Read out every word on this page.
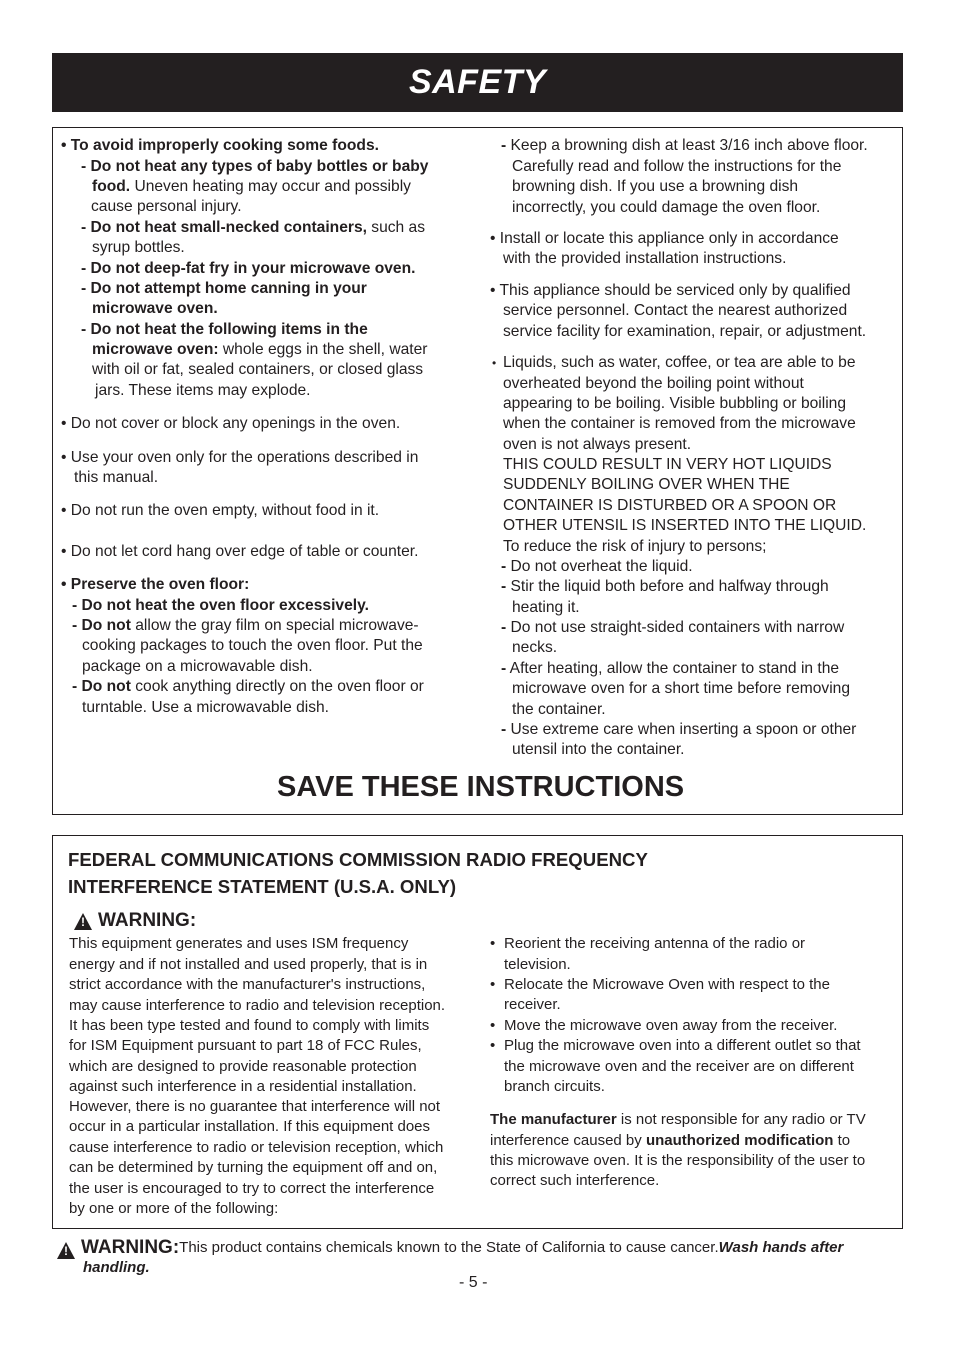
SAFETY
• To avoid improperly cooking some foods.
- Do not heat any types of baby bottles or baby
food. Uneven heating may occur and possibly
cause personal injury.
- Do not heat small-necked containers, such as
syrup bottles.
- Do not deep-fat fry in your microwave oven.
- Do not attempt home canning in your
microwave oven.
- Do not heat the following items in the
microwave oven: whole eggs in the shell, water
with oil or fat, sealed containers, or closed glass
jars. These items may explode.
• Do not cover or block any openings in the oven.
• Use your oven only for the operations described in
this manual.
• Do not run the oven empty, without food in it.
• Do not let cord hang over edge of table or counter.
• Preserve the oven floor:
- Do not heat the oven floor excessively.
- Do not allow the gray film on special microwave-
cooking packages to touch the oven floor. Put the
package on a microwavable dish.
- Do not cook anything directly on the oven floor or
turntable. Use a microwavable dish.
- Keep a browning dish at least 3/16 inch above floor.
Carefully read and follow the instructions for the
browning dish. If you use a browning dish
incorrectly, you could damage the oven floor.
• Install or locate this appliance only in accordance
with the provided installation instructions.
• This appliance should be serviced only by qualified
service personnel. Contact the nearest authorized
service facility for examination, repair, or adjustment.
• Liquids, such as water, coffee, or tea are able to be
overheated beyond the boiling point without
appearing to be boiling. Visible bubbling or boiling
when the container is removed from the microwave
oven is not always present.
THIS COULD RESULT IN VERY HOT LIQUIDS
SUDDENLY BOILING OVER WHEN THE
CONTAINER IS DISTURBED OR A SPOON OR
OTHER UTENSIL IS INSERTED INTO THE LIQUID.
To reduce the risk of injury to persons;
- Do not overheat the liquid.
- Stir the liquid both before and halfway through
heating it.
- Do not use straight-sided containers with narrow
necks.
- After heating, allow the container to stand in the
microwave oven for a short time before removing
the container.
- Use extreme care when inserting a spoon or other
utensil into the container.
SAVE THESE INSTRUCTIONS
FEDERAL COMMUNICATIONS COMMISSION RADIO FREQUENCY
INTERFERENCE STATEMENT (U.S.A. ONLY)
!
WARNING:
This equipment generates and uses ISM frequency
energy and if not installed and used properly, that is in
strict accordance with the manufacturer's instructions,
may cause interference to radio and television reception.
It has been type tested and found to comply with limits
for ISM Equipment pursuant to part 18 of FCC Rules,
which are designed to provide reasonable protection
against such interference in a residential installation.
However, there is no guarantee that interference will not
occur in a particular installation. If this equipment does
cause interference to radio or television reception, which
can be determined by turning the equipment off and on,
the user is encouraged to try to correct the interference
by one or more of the following:
• Reorient the receiving antenna of the radio or
television.
• Relocate the Microwave Oven with respect to the
receiver.
• Move the microwave oven away from the receiver.
• Plug the microwave oven into a different outlet so that
the microwave oven and the receiver are on different
branch circuits.
The manufacturer is not responsible for any radio or TV
interference caused by unauthorized modification to
this microwave oven. It is the responsibility of the user to
correct such interference.
!
WARNING: This product contains chemicals known to the State of California to cause cancer. Wash hands after
handling.
- 5 -
